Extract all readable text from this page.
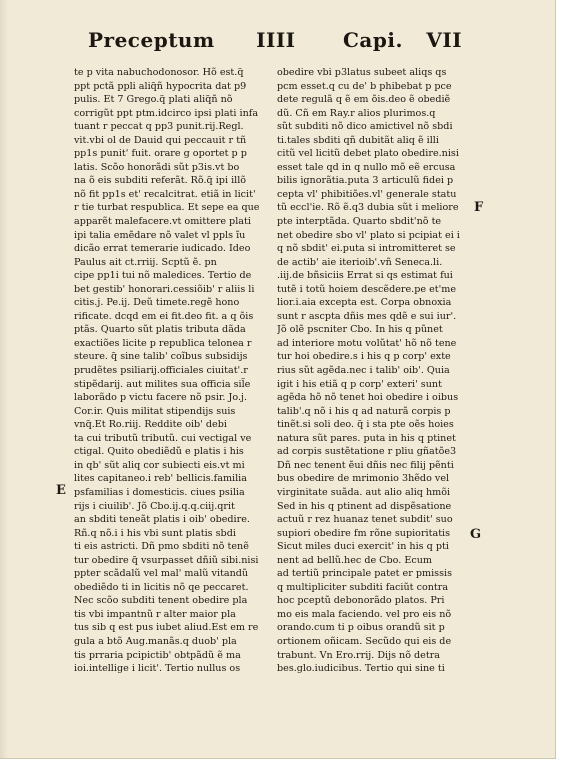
Preceptum IIII Capi. VII
te p vita nabuchodonosor. Hõ est.q̃
ppt pctã ppli aliq̃ñ hypocrita dat p9
pulis. Et 7 Grego.q̃ plati aliq̃ñ nõ
corrigũt ppt ptm.idcirco ipsi plati infa
tuant r peccat q pp3 punit.rij.Regl.
vit.vbi ol de Dauid qui peccauit r tñ
pp1s punit' fuit. orare g oportet p p
latis. Scõo honorãdi sũt p3is.vt bo
na õ eis subditi referãt. Rõ.q̃ ipi illõ
nõ fit pp1s et' recalcitrat. etiã in licit'
r tie turbat respublica. Et sepe ea que
apparẽt malefacere.vt omittere plati
ipi talia emẽdare nõ valet vl ppls ĩu
dicão errat temerarie iudicado. Ideo
Paulus ait ct.rriij. Scptũ ẽ. pn
cipe pp1i tui nõ maledices. Tertio de
bet gestib' honorari.cessiõib' r aliis li
citis.j. Pe.ij. Deũ timete.regẽ hono
rificate. dcqd em ei fit.deo fit. a q õis
ptãs. Quarto sũt platis tributa dãda
exactiões licite p republica telonea r
steure. q̃ sine talib' coĩbus subsidijs
prudẽtes psiliarij.officiales ciuitat'.r
stipẽdarij. aut milites sua officia sil̃e
laborãdo p victu facere nõ psir. Jo.j.
Cor.ir. Quis militat stipendijs suis
vnq̃.Et Ro.riij. Reddite oib' debi
ta cui tributũ tributũ. cui vectigal ve
ctigal. Quito obediẽdũ e platis i his
in qb' sũt aliq cor subiecti eis.vt mi
lites capitaneo.i reb' bellicis.familia
psfamilias i domesticis. ciues psilia
rijs i ciuilib'. Jõ Cbo.ij.q.q.ciij.qrit
an sbditi teneãt platis i oib' obedire.
Rñ.q nõ.i i his vbi sunt platis sbdi
ti eis astricti. Dñ pmo sbditi nõ tenẽ
tur obedire q̃ vsurpasset dñiũ sibi.nisi
ppter scãdalũ vel mal' malũ vitandũ
obediẽdo ti in licitis nõ qe peccaret.
Nec scõo subditi tenent obedire pla
tis vbi impantnũ r alter maior pla
tus sib q est pus iubet aliud.Est em re
gula a btõ Aug.manãs.q duob' pla
tis prraria pcipictib' obtpãdũ ẽ ma
ioi.intellige i licit'. Tertio nullus os
obedire vbi p3latus subeet aliqs qs
pcm esset.q cu de' b phibebat p pce
dete regulã q ẽ em õis.deo ẽ obediẽ
dũ. Cñ em Ray.r alios plurimos.q
sũt subditi nõ dico amictivel nõ sbdi
ti.tales sbditi qñ dubitãt aliq ẽ illi
citũ vel licitũ debet plato obedire.nisi
esset tale qd in q nullo mõ eẽ ercusa
bilis ignorãtia.puta 3 articulũ fidei p
cepta vl' phibitiões.vl' generale statu
tũ eccl'ie. Rõ ẽ.q3 dubia sũt i meliore
pte interptãda. Quarto sbdit'nõ te
net obedire sbo vl' plato si pcipiat ei i
q nõ sbdit' ei.puta si intromitteret se
de actib' aie iterioib'.vñ Seneca.li.
.iij.de bñsiciis Errat si qs estimat fui
tutẽ i totũ hoiem descẽdere.pe et'me
lior.i.aia excepta est. Corpa obnoxia
sunt r ascpta dñis mes qdẽ e sui iur'.
Jõ olẽ pscniter Cbo. In his q pũnet
ad interiore motu volũtat' hõ nõ tene
tur hoi obedire.s i his q p corp' exte
rius sũt agẽda.nec i talib' oib'. Quia
igit i his etiã q p corp' exteri' sunt
agẽda hõ nõ tenet hoi obedire i oibus
talib'.q nõ i his q ad naturã corpis p
tinẽt.si soli deo. q̃ i sta pte oẽs hoies
natura sũt pares. puta in his q ptinet
ad corpis sustẽtatione r pliu gñatõe3
Dñ nec tenent ẽui dñis nec filij pẽnti
bus obedire de mrimonio 3hẽdo vel
virginitate suãda. aut alio aliq hmõi
Sed in his q ptinent ad dispẽsatione
actuũ r rez huanaz tenet subdit' suo
supiori obedire fm rõne supioritatis
Sicut miles duci exercit' in his q pti
nent ad bellũ.hec de Cbo. Ecum
ad tertiũ principale patet er pmissis
q multipliciter subditi faciũt contra
hoc pceptũ debonorãdo platos. Pri
mo eis mala faciendo. vel pro eis nõ
orando.cum ti p oibus orandũ sit p
ortionem oñicam. Secũdo qui eis de
trabunt. Vn Ero.rrij. Dijs nõ detra
bes.glo.iudicibus. Tertio qui sine ti
F
E
G
